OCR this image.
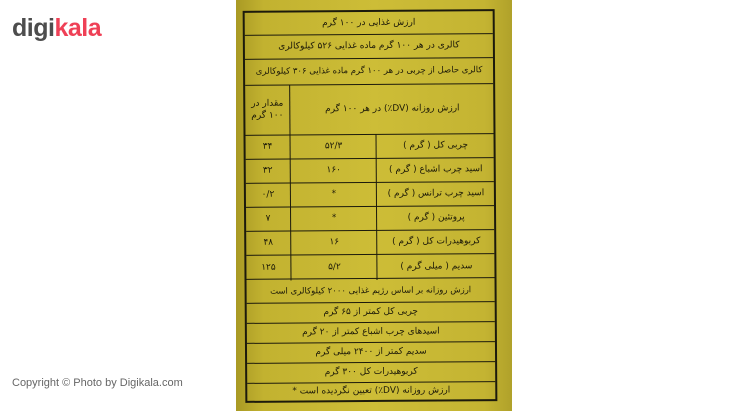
digikala	ارزش غذایی در ۱۰۰ گرم
کالری در هر ۱۰۰ گرم ماده غذایی ۵۲۶ کیلوکالری
کالری حاصل از چربی در هر ۱۰۰ گرم ماده غذایی ۳۰۶ کیلوکالری
مقدار در ۱۰۰ گرم
ارزش روزانه (DV٪) در هر ۱۰۰ گرم
۳۴	۵۲/۳	چربی کل ( گرم )
۳۲	۱۶۰	اسید چرب اشباع ( گرم )
۰/۲	*	اسید چرب ترانس ( گرم )
۷	*	پروتئین ( گرم )
۴۸	۱۶	کربوهیدرات کل ( گرم )
۱۲۵	۵/۲	سدیم ( میلی گرم )
ارزش روزانه بر اساس رژیم غذایی ۲۰۰۰ کیلوکالری است
چربی کل کمتر از ۶۵ گرم
اسیدهای چرب اشباع کمتر از ۲۰ گرم
سدیم کمتر از ۲۴۰۰ میلی گرم
کربوهیدرات کل ۳۰۰ گرم
ارزش روزانه (DV٪) تعیین نگردیده است *
Copyright © Photo by Digikala.com
